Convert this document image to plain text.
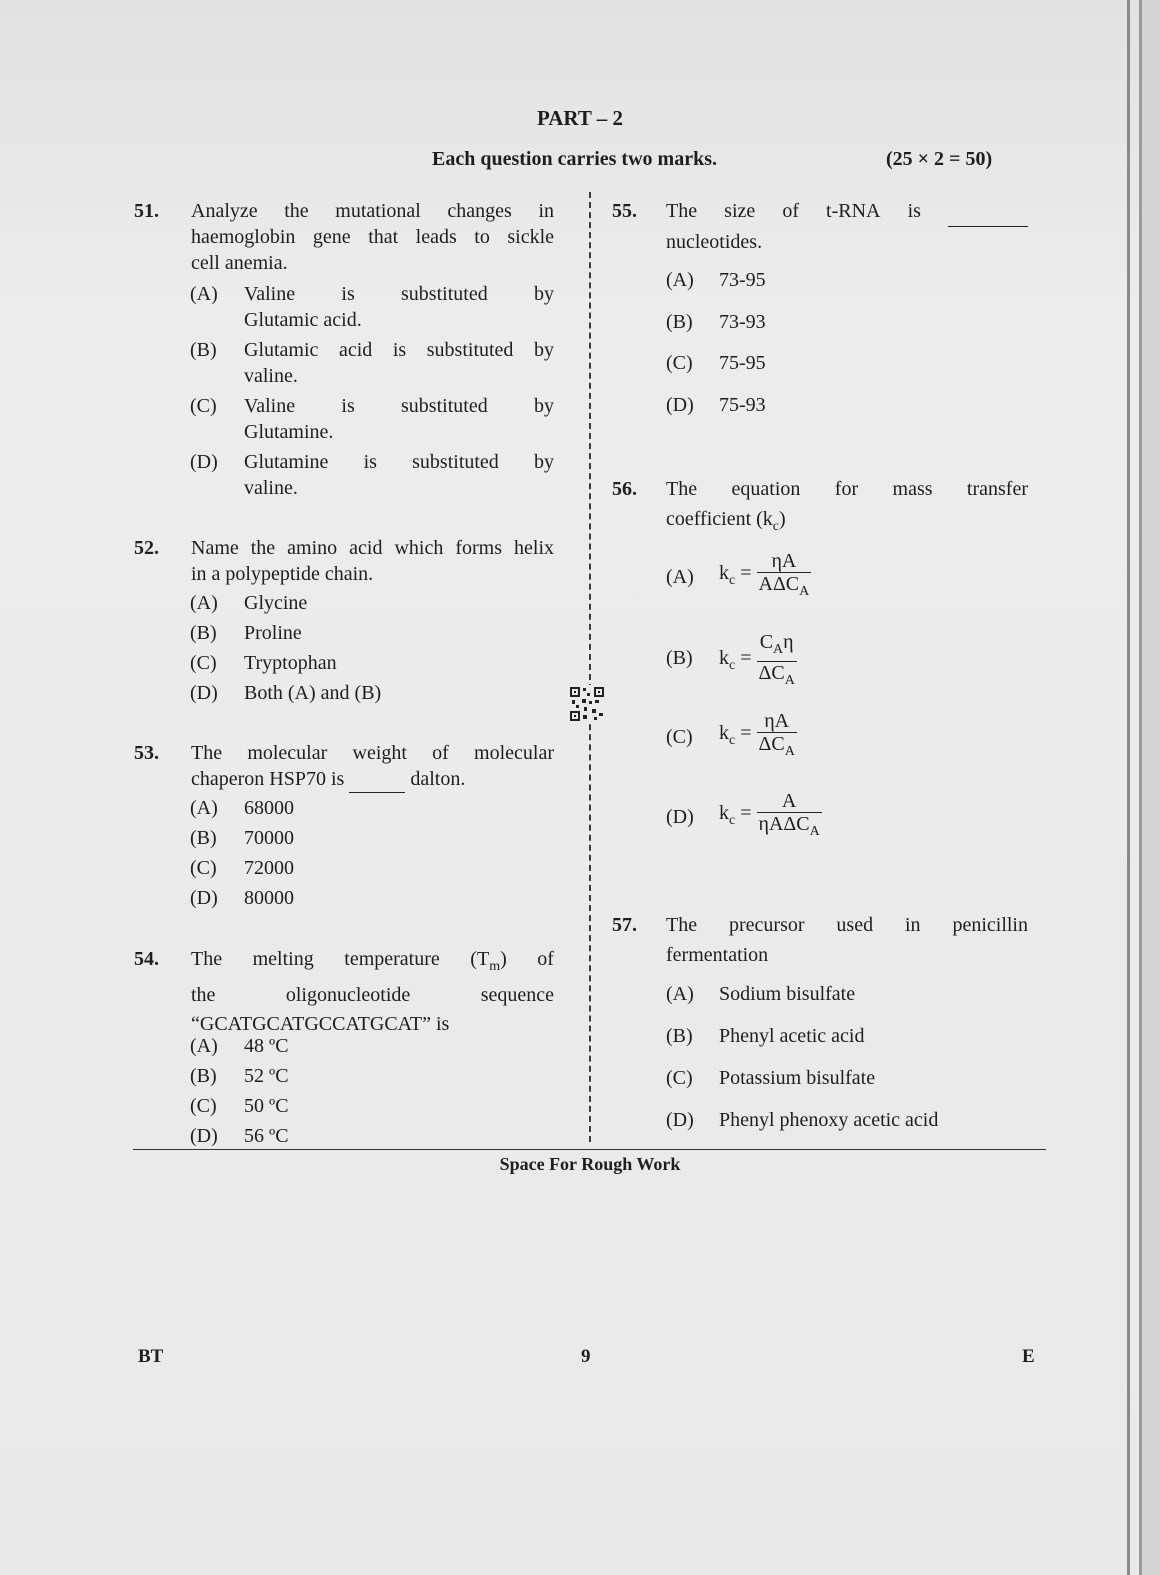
PART – 2
Each question carries two marks.	(25 × 2 = 50)
51. Analyze the mutational changes in
haemoglobin gene that leads to sickle
cell anemia.
(A) Valine is substituted by
Glutamic acid.
(B) Glutamic acid is substituted by
valine.
(C) Valine is substituted by
Glutamine.
(D) Glutamine is substituted by
valine.
52. Name the amino acid which forms helix
in a polypeptide chain.
(A) Glycine
(B) Proline
(C) Tryptophan
(D) Both (A) and (B)
53. The molecular weight of molecular
chaperon HSP70 is	dalton.
(A) 68000
(B) 70000
(C) 72000
(D) 80000
54. The melting temperature $(T_m)$ of
the oligonucleotide sequence
“GCATGCATGCCATGCAT” is
(A) 48 ºC
(B) 52 ºC
(C) 50 ºC
(D) 56 ºC
55. The size of t-RNA is

nucleotides.
(A) 73-95
(B) 73-93
(C) 75-95
(D) 75-93
56. The equation for mass transfer
coefficient $(k_c)$
(A) $k_c = \frac{\eta A}{A\Delta C_A}$
(B) $k_c = \frac{C_A\eta}{\Delta C_A}$
(C) $k_c = \frac{\eta A}{\Delta C_A}$
(D) $k_c = \frac{A}{\eta A\Delta C_A}$
57. The precursor used in penicillin
fermentation
(A) Sodium bisulfate
(B) Phenyl acetic acid
(C) Potassium bisulfate
(D) Phenyl phenoxy acetic acid
Space For Rough Work
BT	9	E
